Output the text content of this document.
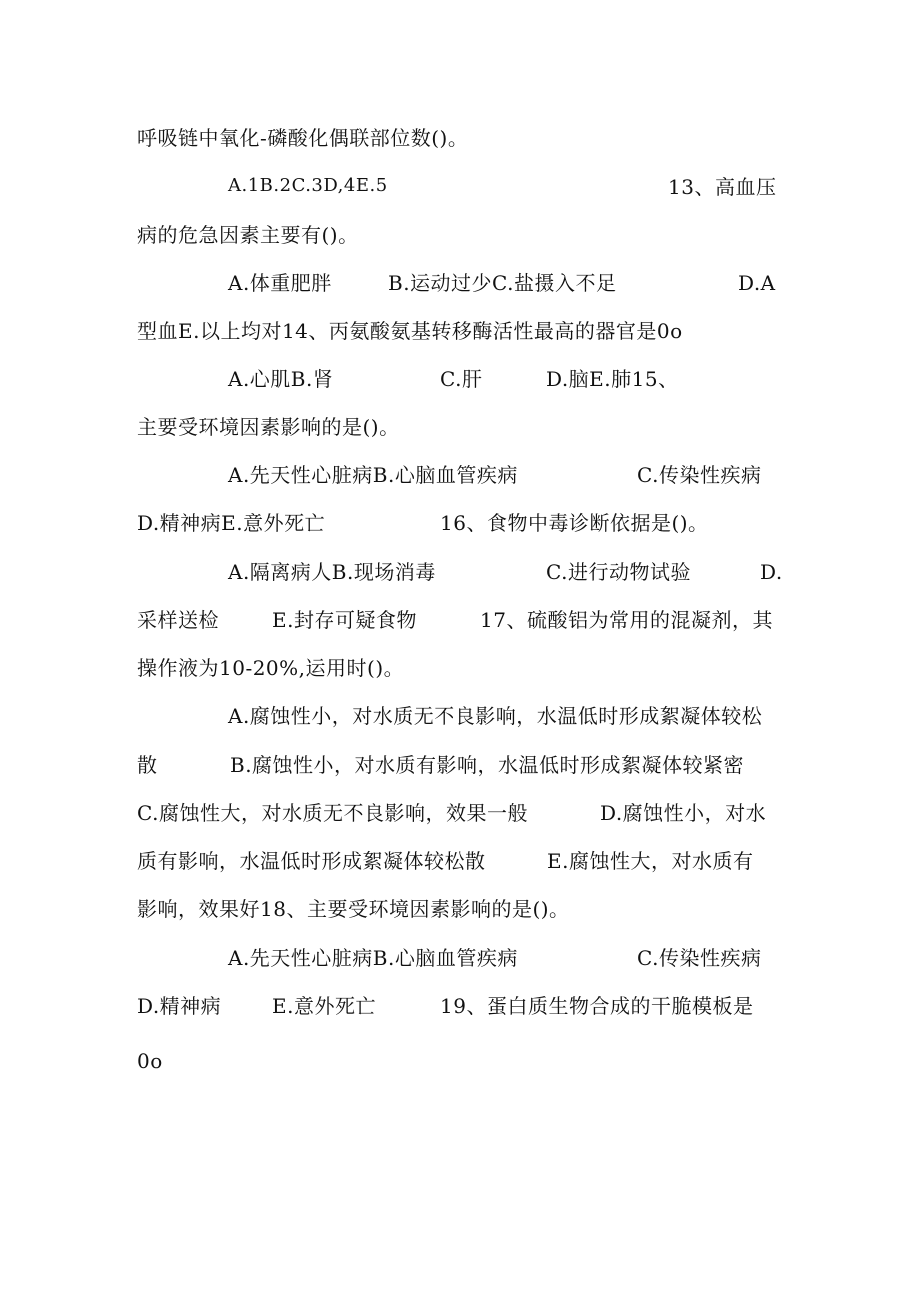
呼吸链中氧化-磷酸化偶联部位数()。
A.1B.2C.3D,4E.5	13、高血压
病的危急因素主要有()。
A.体重肥胖	B.运动过少C.盐摄入不足	D.A
型血E.以上均对14、丙氨酸氨基转移酶活性最高的器官是0o
A.心肌B.肾	C.肝	D.脑E.肺15、
主要受环境因素影响的是()。
A.先天性心脏病B.心脑血管疾病	C.传染性疾病
D.精神病E.意外死亡	16、食物中毒诊断依据是()。
A.隔离病人B.现场消毒	C.进行动物试验	D.
采样送检	E.封存可疑食物	17、硫酸铝为常用的混凝剂，其
操作液为10-20%,运用时()。
A.腐蚀性小，对水质无不良影响，水温低时形成絮凝体较松
散	B.腐蚀性小，对水质有影响，水温低时形成絮凝体较紧密
C.腐蚀性大，对水质无不良影响，效果一般	D.腐蚀性小，对水
质有影响，水温低时形成絮凝体较松散	E.腐蚀性大，对水质有
影响，效果好18、主要受环境因素影响的是()。
A.先天性心脏病B.心脑血管疾病	C.传染性疾病
D.精神病	E.意外死亡	19、蛋白质生物合成的干脆模板是
0o
